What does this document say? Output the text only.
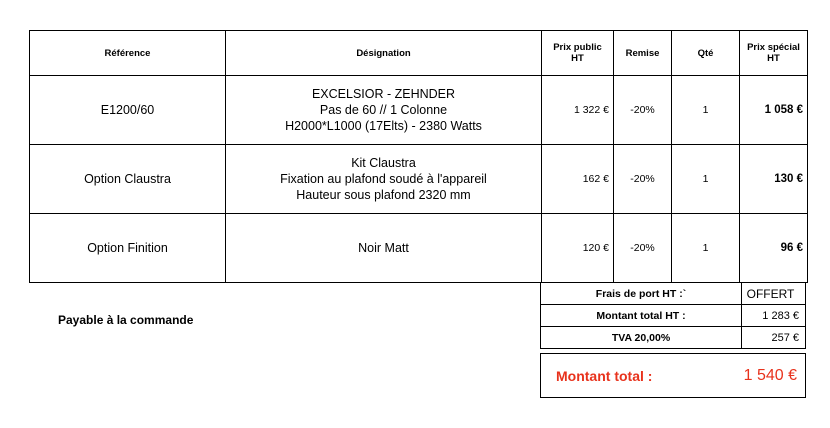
Référence	Désignation	Prix public HT	Remise	Qté	Prix spécial HT
E1200/60	EXCELSIOR - ZEHNDER
Pas de 60 // 1 Colonne
H2000*L1000 (17Elts) - 2380 Watts	1 322 €	-20%	1	1 058 €
Option Claustra	Kit Claustra
Fixation au plafond soudé à l'appareil
Hauteur sous plafond 2320 mm	162 €	-20%	1	130 €
Option Finition	Noir Matt	120 €	-20%	1	96 €
Payable à la commande
Frais de port HT :`	OFFERT
Montant total HT :	1 283 €
TVA 20,00%	257 €
Montant total :	1 540 €
